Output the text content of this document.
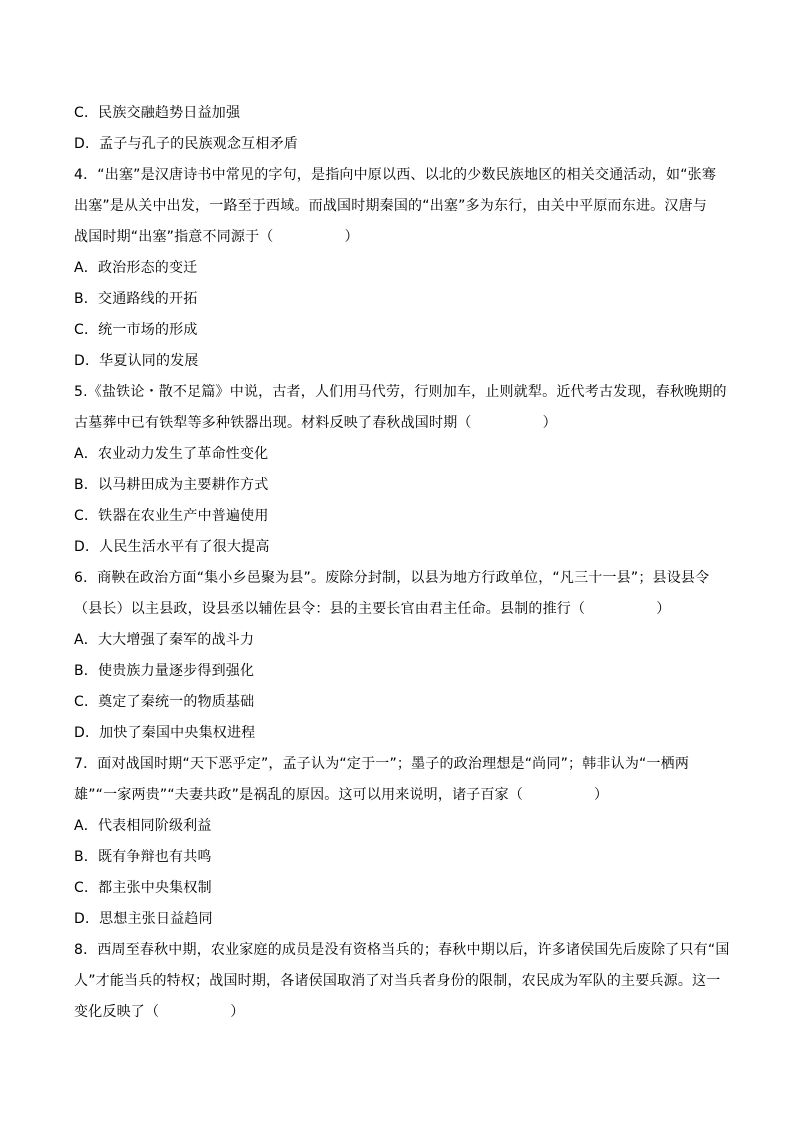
C．民族交融趋势日益加强
D．孟子与孔子的民族观念互相矛盾
4．“出塞”是汉唐诗书中常见的字句，是指向中原以西、以北的少数民族地区的相关交通活动，如“张骞
出塞”是从关中出发，一路至于西域。而战国时期秦国的“出塞”多为东行，由关中平原而东进。汉唐与
战国时期“出塞”指意不同源于（　　　　　）
A．政治形态的变迁
B．交通路线的开拓
C．统一市场的形成
D．华夏认同的发展
5.《盐铁论・散不足篇》中说，古者，人们用马代劳，行则加车，止则就犁。近代考古发现，春秋晚期的
古墓葬中已有铁犁等多种铁器出现。材料反映了春秋战国时期（　　　　　）
A．农业动力发生了革命性变化
B．以马耕田成为主要耕作方式
C．铁器在农业生产中普遍使用
D．人民生活水平有了很大提高
6．商鞅在政治方面“集小乡邑聚为县”。废除分封制，以县为地方行政单位，“凡三十一县”；县设县令
（县长）以主县政，设县丞以辅佐县令：县的主要长官由君主任命。县制的推行（　　　　　）
A．大大增强了秦军的战斗力
B．使贵族力量逐步得到强化
C．奠定了秦统一的物质基础
D．加快了秦国中央集权进程
7．面对战国时期“天下恶乎定”，孟子认为“定于一”；墨子的政治理想是“尚同”；韩非认为“一栖两
雄”“一家两贵”“夫妻共政”是祸乱的原因。这可以用来说明，诸子百家（　　　　　）
A．代表相同阶级利益
B．既有争辩也有共鸣
C．都主张中央集权制
D．思想主张日益趋同
8．西周至春秋中期，农业家庭的成员是没有资格当兵的；春秋中期以后，许多诸侯国先后废除了只有“国
人”才能当兵的特权；战国时期，各诸侯国取消了对当兵者身份的限制，农民成为军队的主要兵源。这一
变化反映了（　　　　　）
